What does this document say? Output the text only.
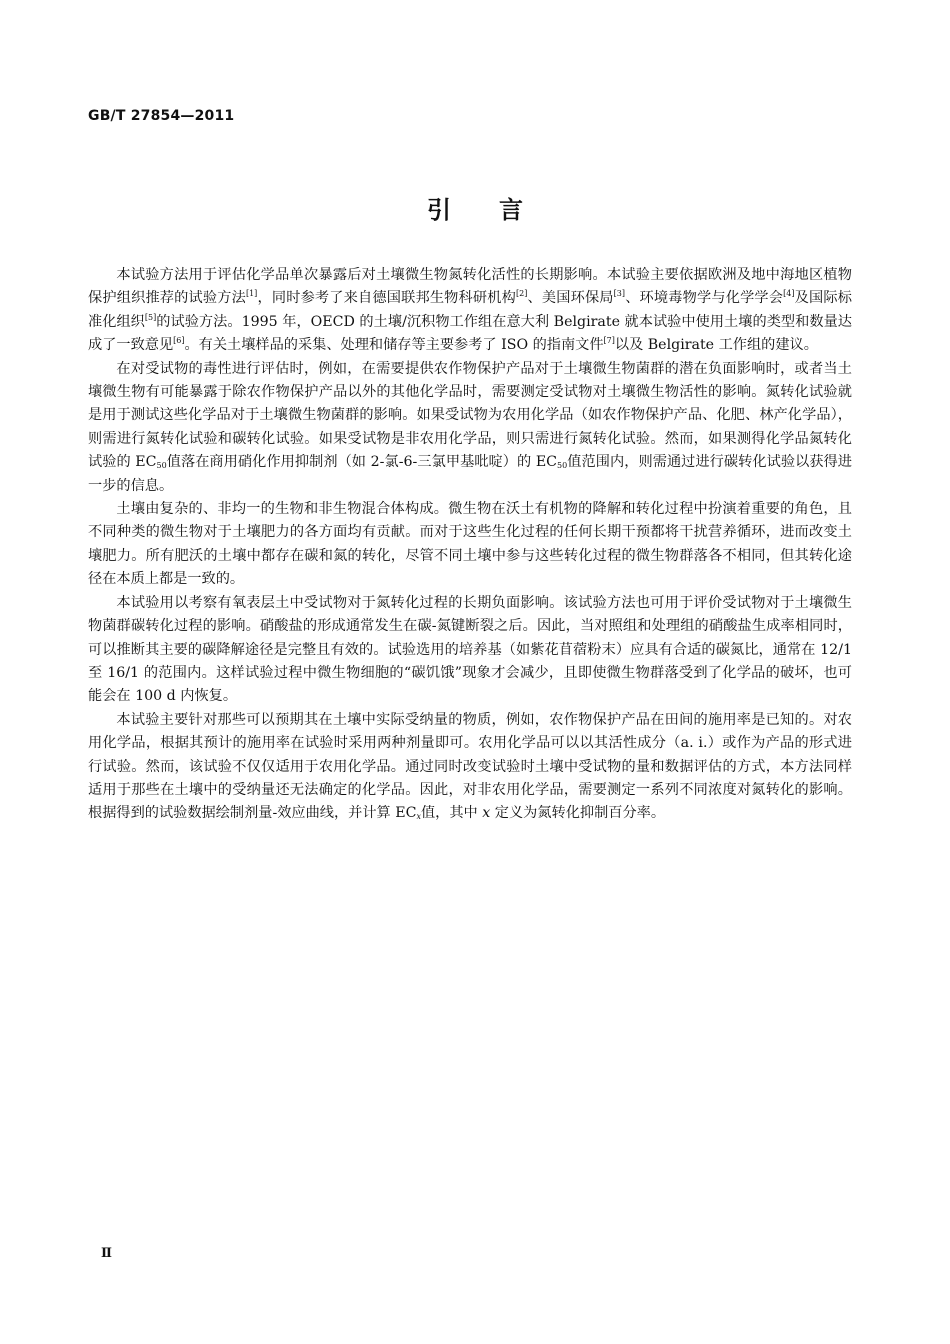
GB/T 27854—2011
引言

本试验方法用于评估化学品单次暴露后对土壤微生物氮转化活性的长期影响。本试验主要依据欧洲及地中海地区植物保护组织推荐的试验方法[1]，同时参考了来自德国联邦生物科研机构[2]、美国环保局[3]、环境毒物学与化学学会[4]及国际标准化组织[5]的试验方法。1995 年，OECD 的土壤/沉积物工作组在意大利 Belgirate 就本试验中使用土壤的类型和数量达成了一致意见[6]。有关土壤样品的采集、处理和储存等主要参考了 ISO 的指南文件[7]以及 Belgirate 工作组的建议。

在对受试物的毒性进行评估时，例如，在需要提供农作物保护产品对于土壤微生物菌群的潜在负面影响时，或者当土壤微生物有可能暴露于除农作物保护产品以外的其他化学品时，需要测定受试物对土壤微生物活性的影响。氮转化试验就是用于测试这些化学品对于土壤微生物菌群的影响。如果受试物为农用化学品（如农作物保护产品、化肥、林产化学品），则需进行氮转化试验和碳转化试验。如果受试物是非农用化学品，则只需进行氮转化试验。然而，如果测得化学品氮转化试验的 $EC_{50}$值落在商用硝化作用抑制剂（如 2-氯-6-三氯甲基吡啶）的 $EC_{50}$值范围内，则需通过进行碳转化试验以获得进一步的信息。

土壤由复杂的、非均一的生物和非生物混合体构成。微生物在沃土有机物的降解和转化过程中扮演着重要的角色，且不同种类的微生物对于土壤肥力的各方面均有贡献。而对于这些生化过程的任何长期干预都将干扰营养循环，进而改变土壤肥力。所有肥沃的土壤中都存在碳和氮的转化，尽管不同土壤中参与这些转化过程的微生物群落各不相同，但其转化途径在本质上都是一致的。

本试验用以考察有氧表层土中受试物对于氮转化过程的长期负面影响。该试验方法也可用于评价受试物对于土壤微生物菌群碳转化过程的影响。硝酸盐的形成通常发生在碳-氮键断裂之后。因此，当对照组和处理组的硝酸盐生成率相同时，可以推断其主要的碳降解途径是完整且有效的。试验选用的培养基（如紫花苜蓿粉末）应具有合适的碳氮比，通常在 12/1 至 16/1 的范围内。这样试验过程中微生物细胞的“碳饥饿”现象才会减少，且即使微生物群落受到了化学品的破坏，也可能会在 100 d 内恢复。

本试验主要针对那些可以预期其在土壤中实际受纳量的物质，例如，农作物保护产品在田间的施用率是已知的。对农用化学品，根据其预计的施用率在试验时采用两种剂量即可。农用化学品可以以其活性成分（a. i.）或作为产品的形式进行试验。然而，该试验不仅仅适用于农用化学品。通过同时改变试验时土壤中受试物的量和数据评估的方式，本方法同样适用于那些在土壤中的受纳量还无法确定的化学品。因此，对非农用化学品，需要测定一系列不同浓度对氮转化的影响。根据得到的试验数据绘制剂量-效应曲线，并计算 $EC_x$值，其中 x 定义为氮转化抑制百分率。

Ⅱ
